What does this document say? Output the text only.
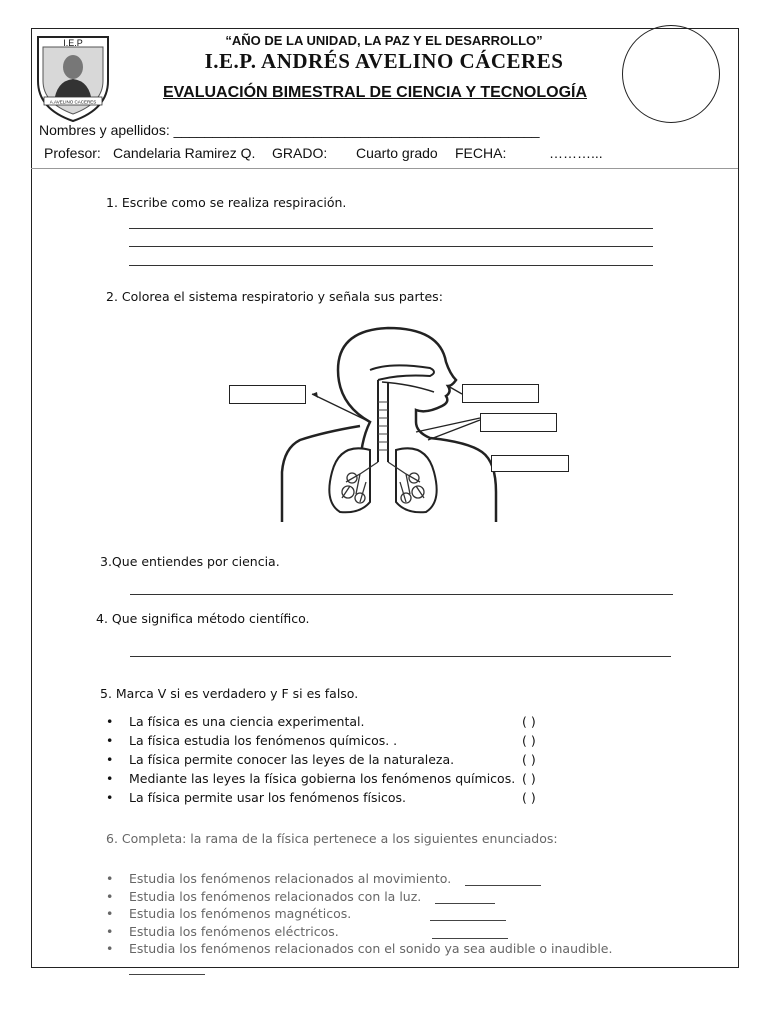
I.E.P
A.AVELINO CACERES
“AÑO DE LA UNIDAD, LA PAZ Y EL DESARROLLO”
I.E.P. ANDRÉS AVELINO CÁCERES
EVALUACIÓN BIMESTRAL DE CIENCIA Y TECNOLOGÍA
Nombres y apellidos: _______________________________________________
Profesor: Candelaria Ramirez Q. GRADO: Cuarto grado FECHA:	………...
1. Escribe como se realiza respiración.
2. Colorea el sistema respiratorio y señala sus partes:
3.Que entiendes por ciencia.
4. Que significa método científico.
5. Marca V si es verdadero y F si es falso.
• La física es una ciencia experimental.	( )
• La física estudia los fenómenos químicos. .	( )
• La física permite conocer las leyes de la naturaleza.	( )
• Mediante las leyes la física gobierna los fenómenos químicos. ( )
• La física permite usar los fenómenos físicos.	( )
6. Completa: la rama de la física pertenece a los siguientes enunciados:
• Estudia los fenómenos relacionados al movimiento.
• Estudia los fenómenos relacionados con la luz.
• Estudia los fenómenos magnéticos.
• Estudia los fenómenos eléctricos.
• Estudia los fenómenos relacionados con el sonido ya sea audible o inaudible.
